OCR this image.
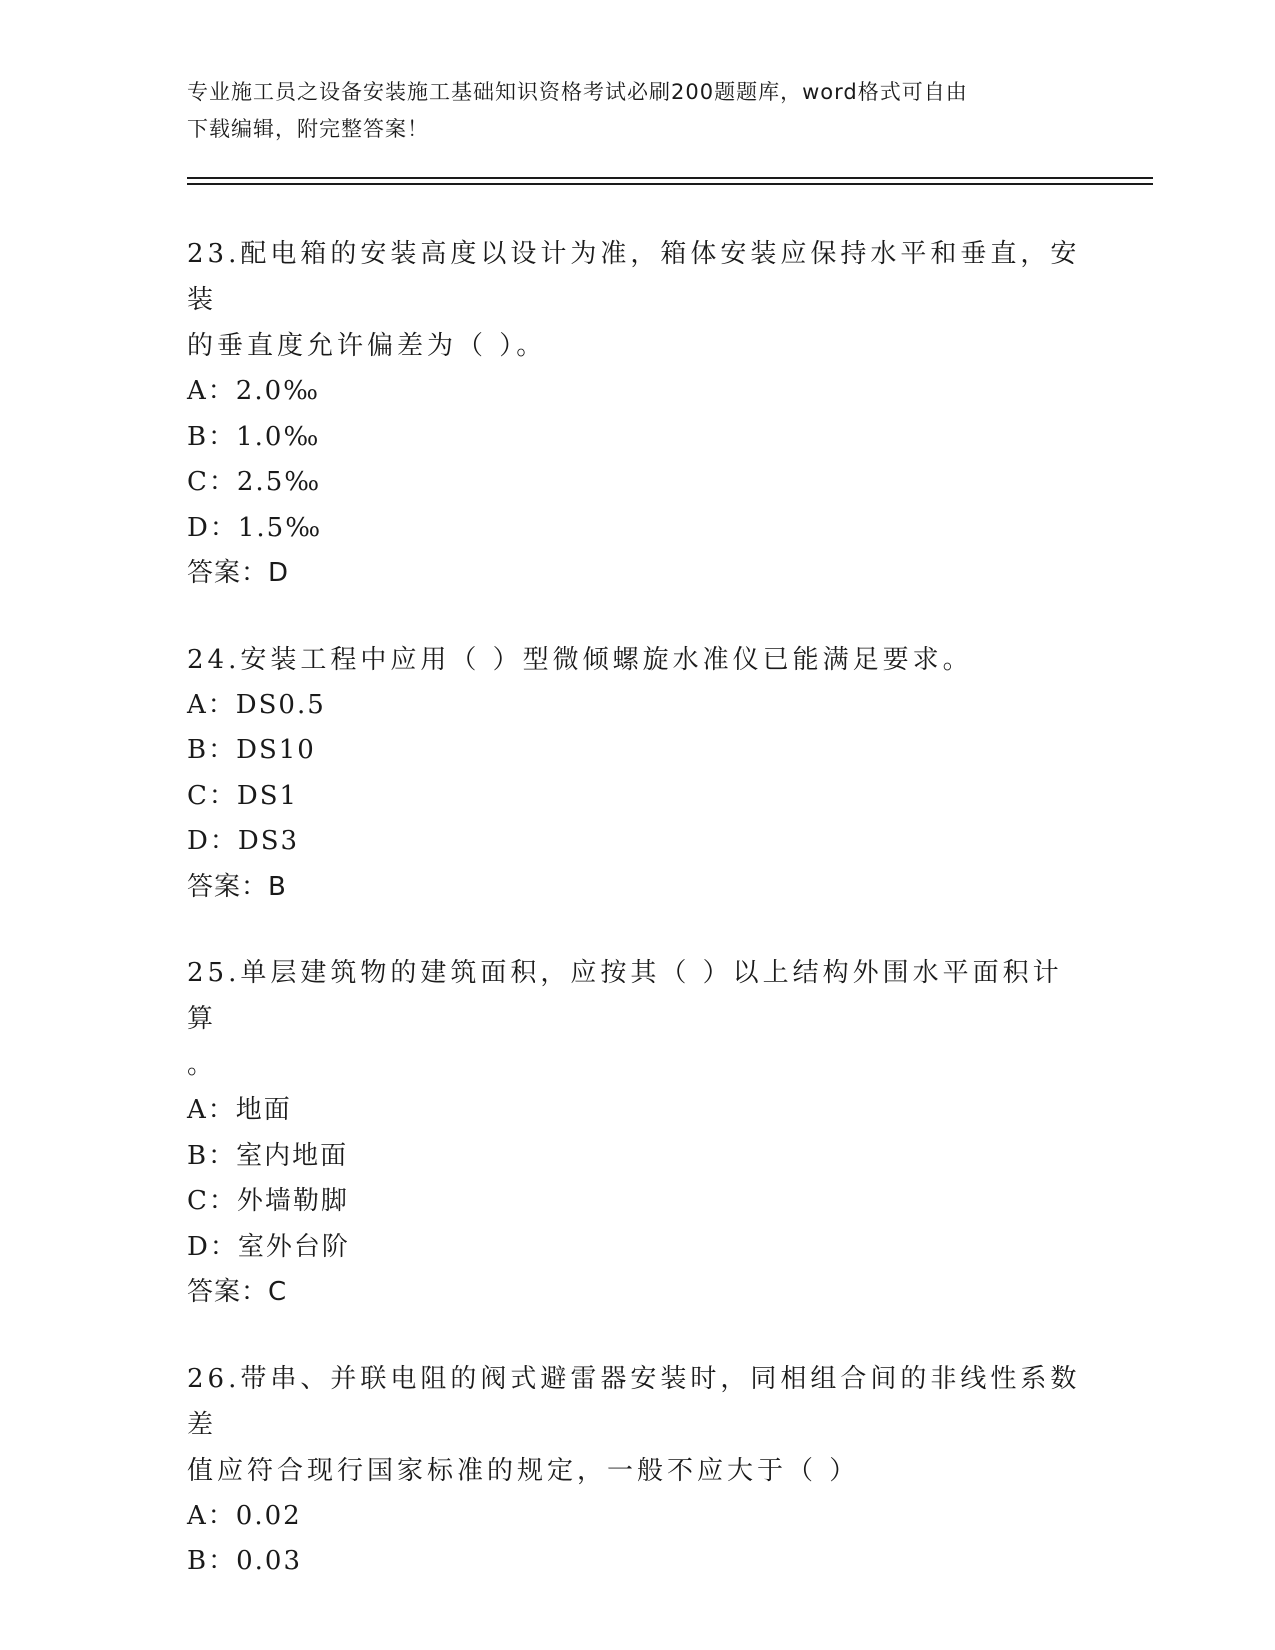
专业施工员之设备安装施工基础知识资格考试必刷200题题库，word格式可自由
下载编辑，附完整答案！

23.配电箱的安装高度以设计为准，箱体安装应保持水平和垂直，安装

的垂直度允许偏差为（ ）。

A：2.0‰

B：1.0‰

C：2.5‰

D：1.5‰

答案：D

24.安装工程中应用（ ）型微倾螺旋水准仪已能满足要求。

A：DS0.5

B：DS10

C：DS1

D：DS3

答案：B

25.单层建筑物的建筑面积，应按其（ ）以上结构外围水平面积计算

。

A：地面

B：室内地面

C：外墙勒脚

D：室外台阶

答案：C

26.带串、并联电阻的阀式避雷器安装时，同相组合间的非线性系数差

值应符合现行国家标准的规定，一般不应大于（ ）

A：0.02

B：0.03
